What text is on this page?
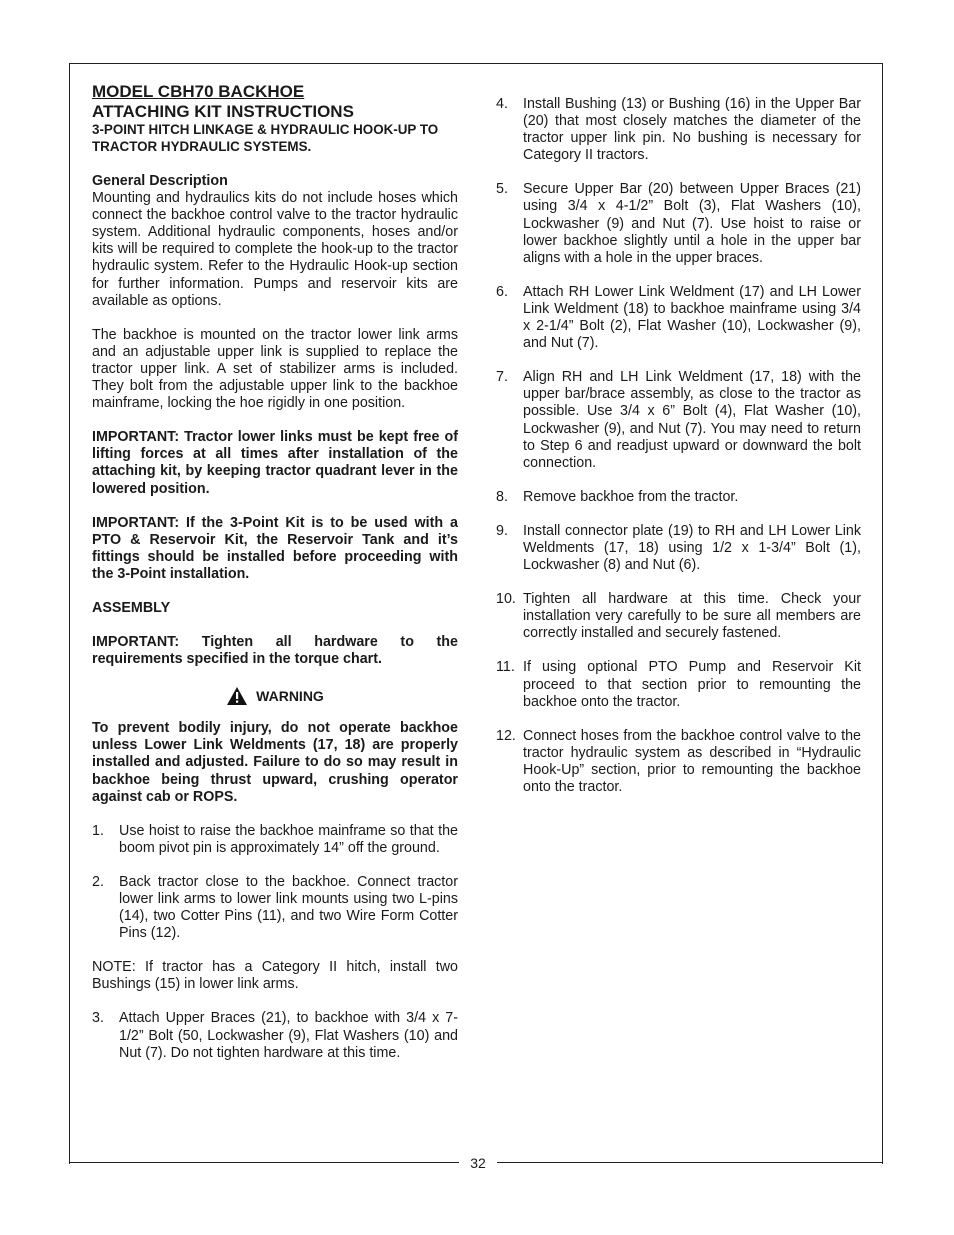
32
MODEL CBH70 BACKHOE
ATTACHING KIT INSTRUCTIONS
3-POINT HITCH LINKAGE & HYDRAULIC HOOK-UP TO TRACTOR HYDRAULIC SYSTEMS.
General Description

Mounting and hydraulics kits do not include hoses which connect the backhoe control valve to the tractor hydraulic system. Additional hydraulic components, hoses and/or kits will be required to complete the hook-up to the tractor hydraulic system. Refer to the Hydraulic Hook-up section for further information. Pumps and reservoir kits are available as options.

The backhoe is mounted on the tractor lower link arms and an adjustable upper link is supplied to replace the tractor upper link. A set of stabilizer arms is included. They bolt from the adjustable upper link to the backhoe mainframe, locking the hoe rigidly in one position.

IMPORTANT: Tractor lower links must be kept free of lifting forces at all times after installation of the attaching kit, by keeping tractor quadrant lever in the lowered position.

IMPORTANT: If the 3-Point Kit is to be used with a PTO & Reservoir Kit, the Reservoir Tank and it’s fittings should be installed before proceeding with the 3-Point installation.

ASSEMBLY

IMPORTANT: Tighten all hardware to the requirements specified in the torque chart.

WARNING

To prevent bodily injury, do not operate backhoe unless Lower Link Weldments (17, 18) are properly installed and adjusted. Failure to do so may result in backhoe being thrust upward, crushing operator against cab or ROPS.

1.	Use hoist to raise the backhoe mainframe so that the boom pivot pin is approximately 14” off the ground.
2.	Back tractor close to the backhoe. Connect tractor lower link arms to lower link mounts using two L-pins (14), two Cotter Pins (11), and two Wire Form Cotter Pins (12).

NOTE: If tractor has a Category II hitch, install two Bushings (15) in lower link arms.

3.	Attach Upper Braces (21), to backhoe with 3/4 x 7-1/2” Bolt (50, Lockwasher (9), Flat Washers (10) and Nut (7). Do not tighten hardware at this time.
4.	Install Bushing (13) or Bushing (16) in the Upper Bar (20) that most closely matches the diameter of the tractor upper link pin. No bushing is necessary for Category II tractors.
5.	Secure Upper Bar (20) between Upper Braces (21) using 3/4 x 4-1/2” Bolt (3), Flat Washers (10), Lockwasher (9) and Nut (7). Use hoist to raise or lower backhoe slightly until a hole in the upper bar aligns with a hole in the upper braces.
6.	Attach RH Lower Link Weldment (17) and LH Lower Link Weldment (18) to backhoe mainframe using 3/4 x 2-1/4” Bolt (2), Flat Washer (10), Lockwasher (9), and Nut (7).
7.	Align RH and LH Link Weldment (17, 18) with the upper bar/brace assembly, as close to the tractor as possible. Use 3/4 x 6” Bolt (4), Flat Washer (10), Lockwasher (9), and Nut (7). You may need to return to Step 6 and readjust upward or downward the bolt connection.
8.	Remove backhoe from the tractor.
9.	Install connector plate (19) to RH and LH Lower Link Weldments (17, 18) using 1/2 x 1-3/4” Bolt (1), Lockwasher (8) and Nut (6).
10. Tighten all hardware at this time. Check your installation very carefully to be sure all members are correctly installed and securely fastened.
11. If using optional PTO Pump and Reservoir Kit proceed to that section prior to remounting the backhoe onto the tractor.
12. Connect hoses from the backhoe control valve to the tractor hydraulic system as described in “Hydraulic Hook-Up” section, prior to remounting the backhoe onto the tractor.
